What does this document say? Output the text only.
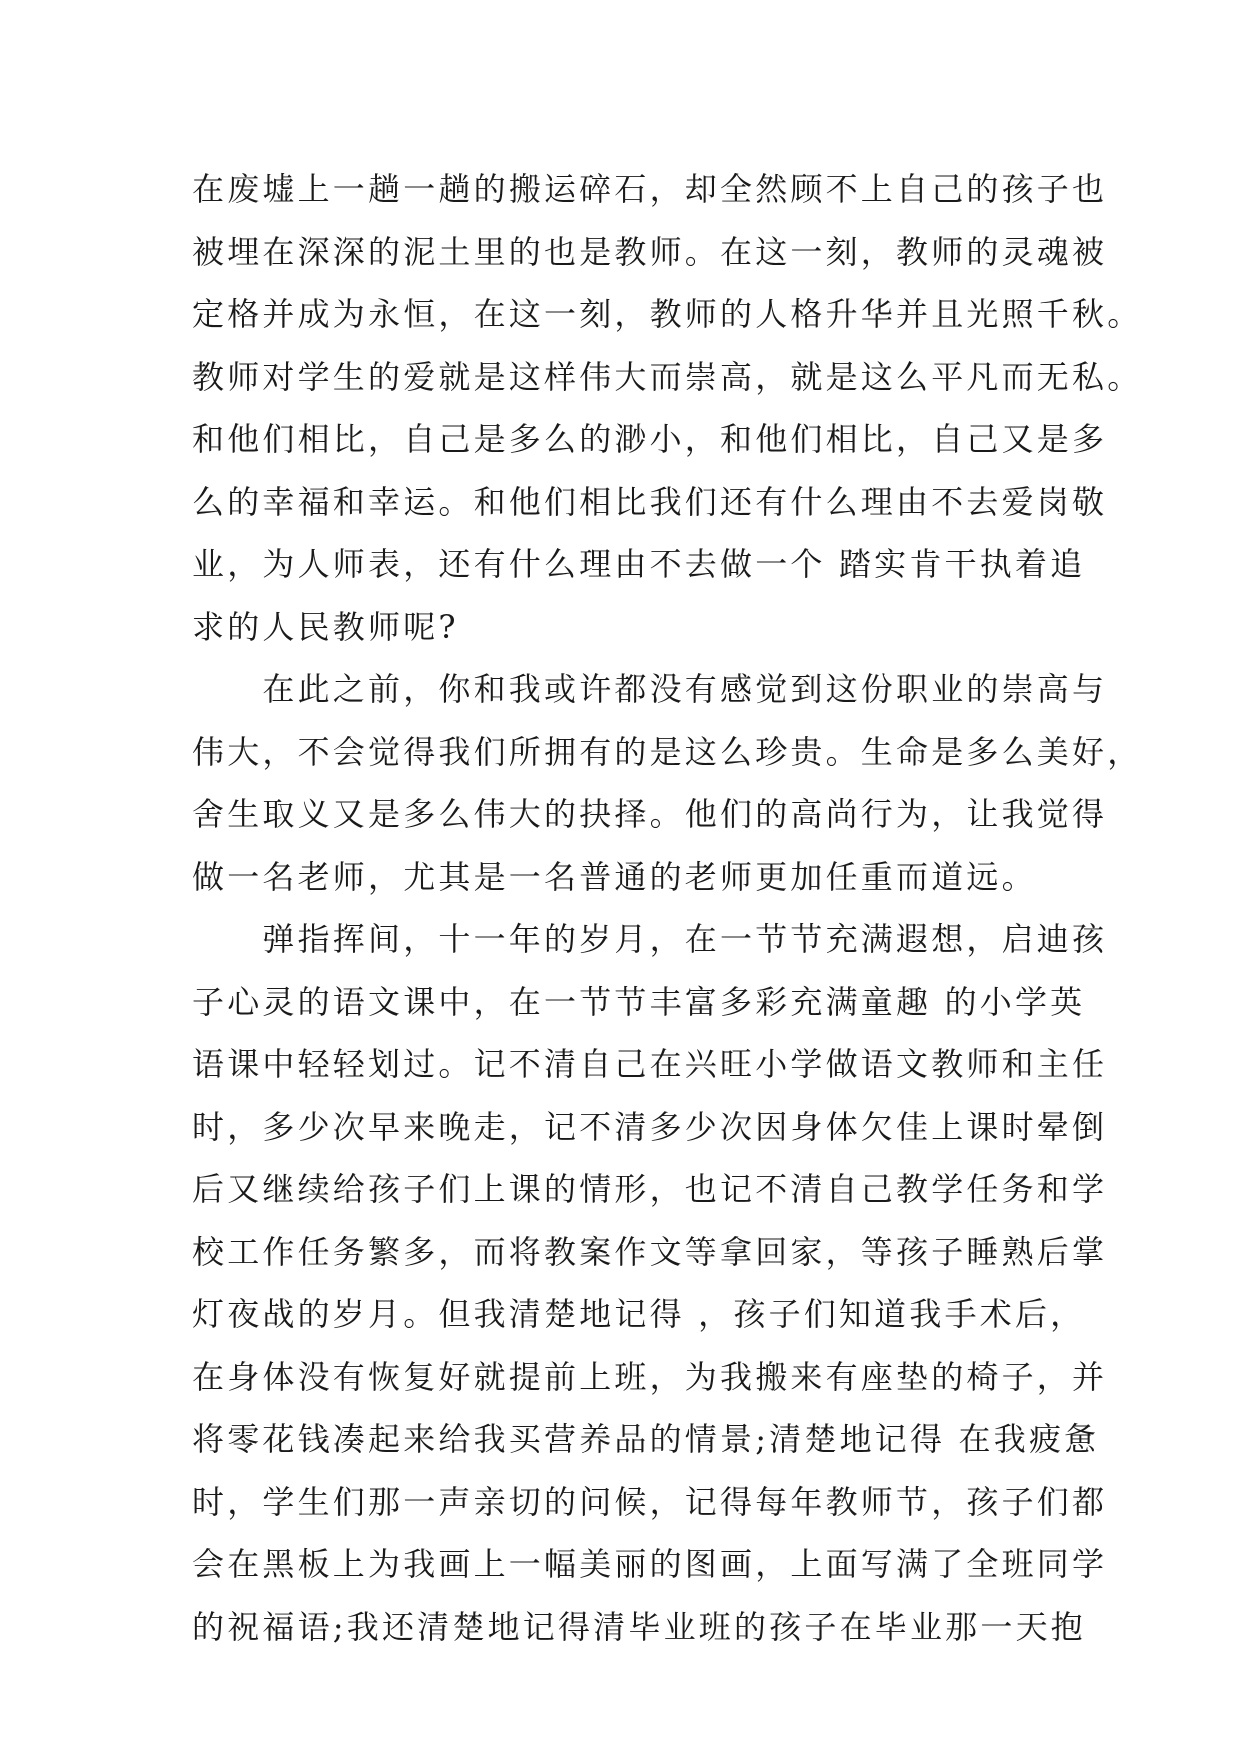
在废墟上一趟一趟的搬运碎石，却全然顾不上自己的孩子也
被埋在深深的泥土里的也是教师。在这一刻，教师的灵魂被
定格并成为永恒，在这一刻，教师的人格升华并且光照千秋。
教师对学生的爱就是这样伟大而崇高，就是这么平凡而无私。
和他们相比，自己是多么的渺小，和他们相比，自己又是多
么的幸福和幸运。和他们相比我们还有什么理由不去爱岗敬
业，为人师表，还有什么理由不去做一个 踏实肯干执着追
求的人民教师呢?
　　在此之前，你和我或许都没有感觉到这份职业的崇高与
伟大，不会觉得我们所拥有的是这么珍贵。生命是多么美好，
舍生取义又是多么伟大的抉择。他们的高尚行为，让我觉得
做一名老师，尤其是一名普通的老师更加任重而道远。
　　弹指挥间，十一年的岁月，在一节节充满遐想，启迪孩
子心灵的语文课中，在一节节丰富多彩充满童趣 的小学英
语课中轻轻划过。记不清自己在兴旺小学做语文教师和主任
时，多少次早来晚走，记不清多少次因身体欠佳上课时晕倒
后又继续给孩子们上课的情形，也记不清自己教学任务和学
校工作任务繁多，而将教案作文等拿回家，等孩子睡熟后掌
灯夜战的岁月。但我清楚地记得 ，孩子们知道我手术后，
在身体没有恢复好就提前上班，为我搬来有座垫的椅子，并
将零花钱凑起来给我买营养品的情景;清楚地记得 在我疲惫
时，学生们那一声亲切的问候，记得每年教师节，孩子们都
会在黑板上为我画上一幅美丽的图画，上面写满了全班同学
的祝福语;我还清楚地记得清毕业班的孩子在毕业那一天抱
